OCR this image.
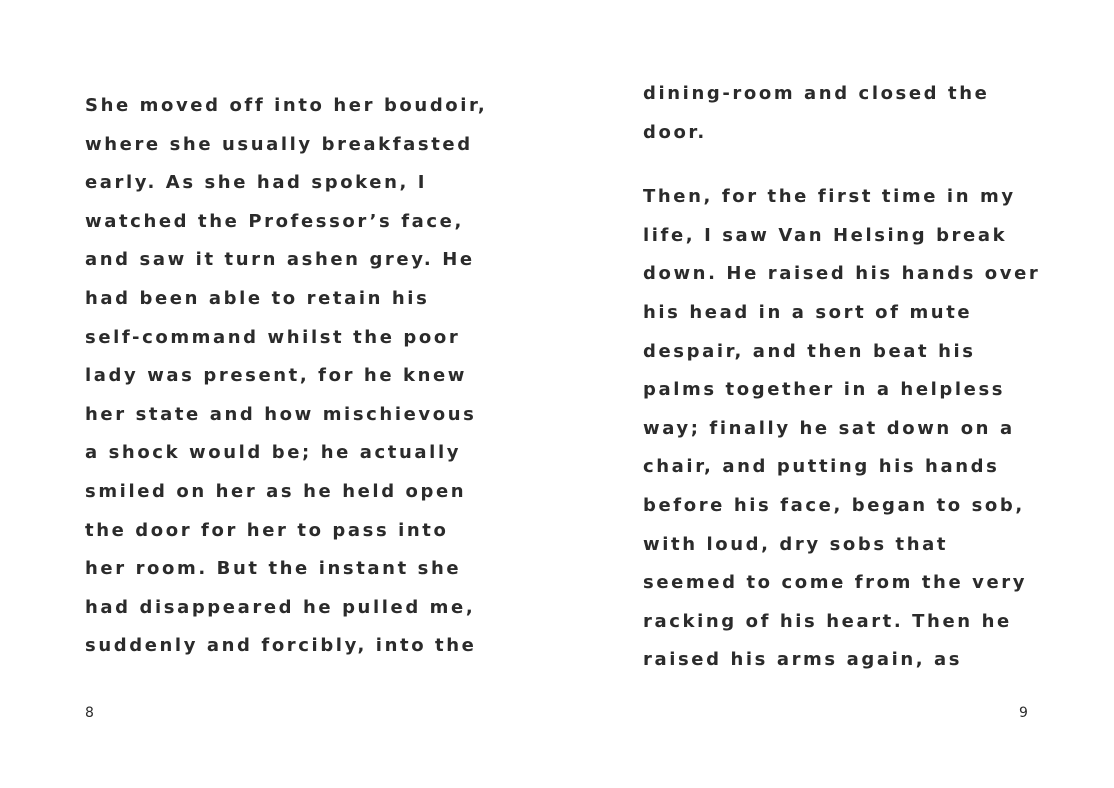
She moved off into her boudoir,
where she usually breakfasted
early. As she had spoken, I
watched the Professor’s face,
and saw it turn ashen grey. He
had been able to retain his
self-command whilst the poor
lady was present, for he knew
her state and how mischievous
a shock would be; he actually
smiled on her as he held open
the door for her to pass into
her room. But the instant she
had disappeared he pulled me,
suddenly and forcibly, into the
8
dining-room and closed the
door.
Then, for the first time in my
life, I saw Van Helsing break
down. He raised his hands over
his head in a sort of mute
despair, and then beat his
palms together in a helpless
way; finally he sat down on a
chair, and putting his hands
before his face, began to sob,
with loud, dry sobs that
seemed to come from the very
racking of his heart. Then he
raised his arms again, as
9
